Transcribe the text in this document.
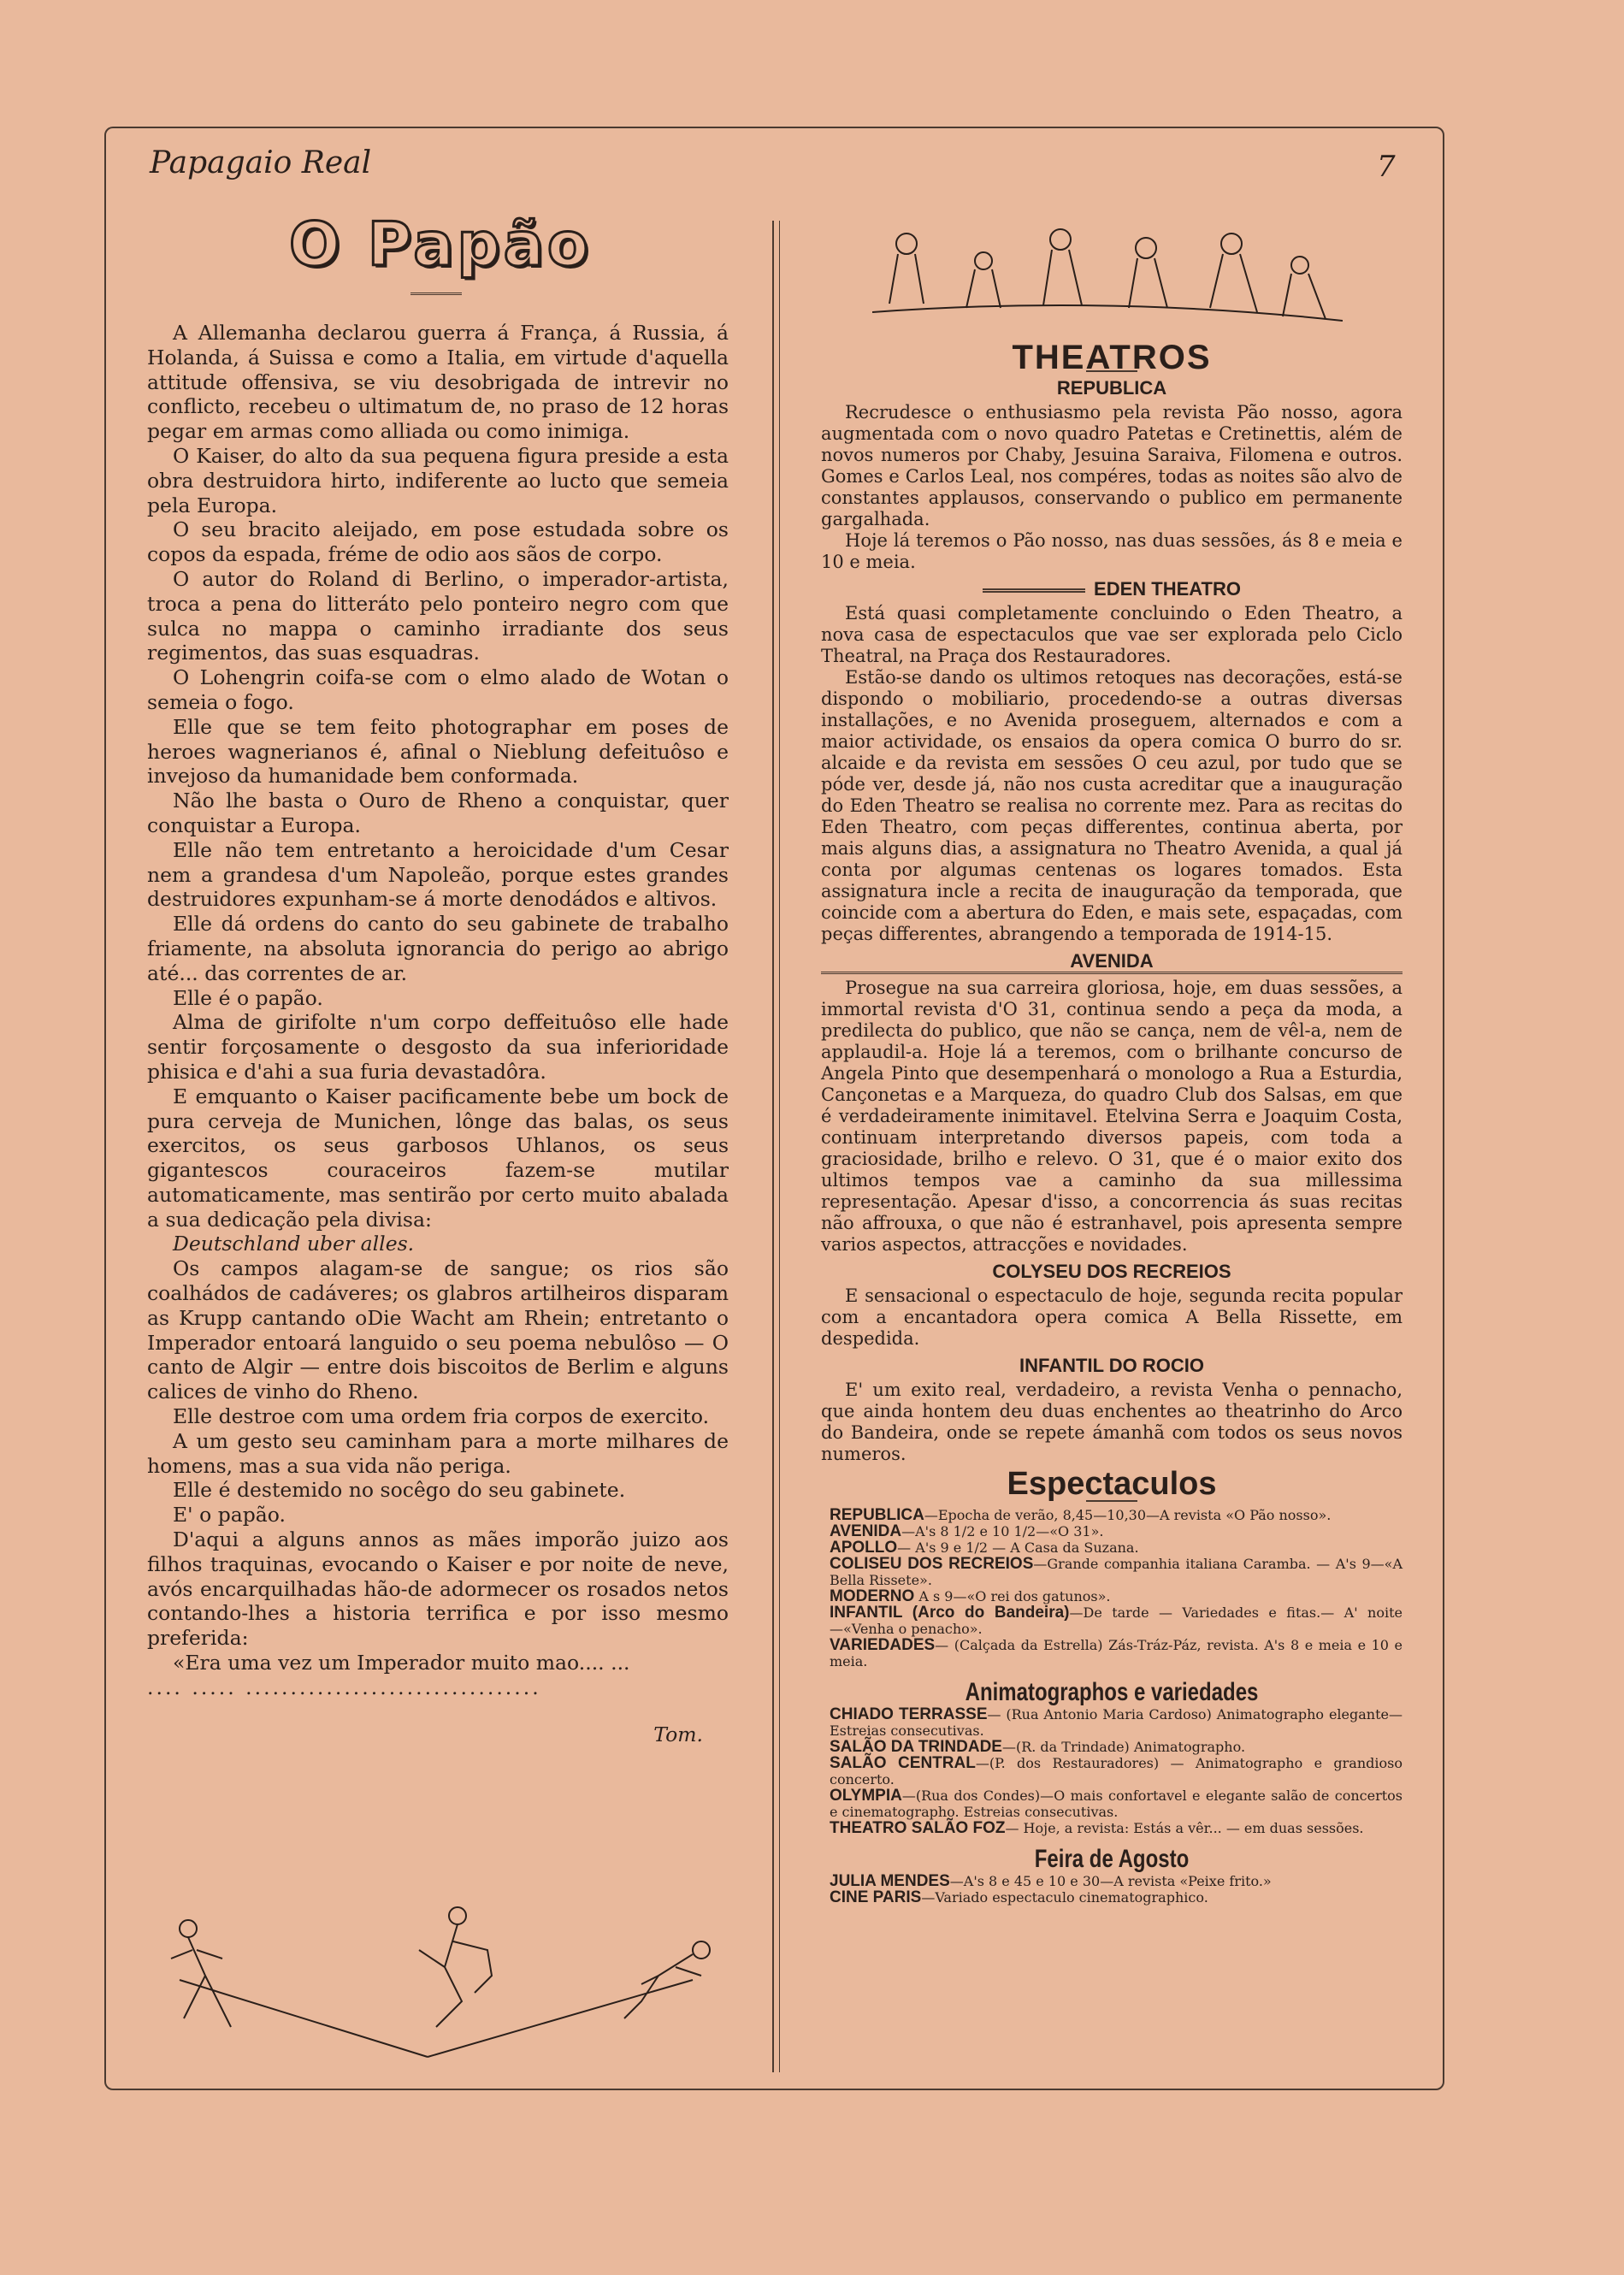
Papagaio Real	7
O Papão

A Allemanha declarou guerra á França, á Russia, á Holanda, á Suissa e como a Italia, em virtude d'aquella attitude offensiva, se viu desobrigada de intrevir no conflicto, recebeu o ultimatum de, no praso de 12 horas pegar em armas como alliada ou como inimiga.

O Kaiser, do alto da sua pequena figura preside a esta obra destruidora hirto, indiferente ao lucto que semeia pela Europa.

O seu bracito aleijado, em pose estudada sobre os copos da espada, fréme de odio aos sãos de corpo.

O autor do Roland di Berlino, o imperador-artista, troca a pena do litteráto pelo ponteiro negro com que sulca no mappa o caminho irradiante dos seus regimentos, das suas esquadras.

O Lohengrin coifa-se com o elmo alado de Wotan o semeia o fogo.

Elle que se tem feito photographar em poses de heroes wagnerianos é, afinal o Nieblung defeituôso e invejoso da humanidade bem conformada.

Não lhe basta o Ouro de Rheno a conquistar, quer conquistar a Europa.

Elle não tem entretanto a heroicidade d'um Cesar nem a grandesa d'um Napoleão, porque estes grandes destruidores expunham-se á morte denodádos e altivos.

Elle dá ordens do canto do seu gabinete de trabalho friamente, na absoluta ignorancia do perigo ao abrigo até... das correntes de ar.

Elle é o papão.

Alma de girifolte n'um corpo deffeituôso elle hade sentir forçosamente o desgosto da sua inferioridade phisica e d'ahi a sua furia devastadôra.

E emquanto o Kaiser pacificamente bebe um bock de pura cerveja de Munichen, lônge das balas, os seus exercitos, os seus garbosos Uhlanos, os seus gigantescos couraceiros fazem-se mutilar automaticamente, mas sentirão por certo muito abalada a sua dedicação pela divisa:

Deutschland uber alles.

Os campos alagam-se de sangue; os rios são coalhádos de cadáveres; os glabros artilheiros disparam as Krupp cantando oDie Wacht am Rhein; entretanto o Imperador entoará languido o seu poema nebulôso — O canto de Algir — entre dois biscoitos de Berlim e alguns calices de vinho do Rheno.

Elle destroe com uma ordem fria corpos de exercito.

A um gesto seu caminham para a morte milhares de homens, mas a sua vida não periga.

Elle é destemido no socêgo do seu gabinete.

E' o papão.

D'aqui a alguns annos as mães imporão juizo aos filhos traquinas, evocando o Kaiser e por noite de neve, avós encarquilhadas hão-de adormecer os rosados netos contando-lhes a historia terrifica e por isso mesmo preferida:

«Era uma vez um Imperador muito mao.... ...

.... ..... .................................

Tom.

THEATROS
REPUBLICA

Recrudesce o enthusiasmo pela revista Pão nosso, agora augmentada com o novo quadro Patetas e Cretinettis, além de novos numeros por Chaby, Jesuina Saraiva, Filomena e outros. Gomes e Carlos Leal, nos compéres, todas as noites são alvo de constantes applausos, conservando o publico em permanente gargalhada.

Hoje lá teremos o Pão nosso, nas duas sessões, ás 8 e meia e 10 e meia.

EDEN THEATRO

Está quasi completamente concluindo o Eden Theatro, a nova casa de espectaculos que vae ser explorada pelo Ciclo Theatral, na Praça dos Restauradores.

Estão-se dando os ultimos retoques nas decorações, está-se dispondo o mobiliario, procedendo-se a outras diversas installações, e no Avenida proseguem, alternados e com a maior actividade, os ensaios da opera comica O burro do sr. alcaide e da revista em sessões O ceu azul, por tudo que se póde ver, desde já, não nos custa acreditar que a inauguração do Eden Theatro se realisa no corrente mez. Para as recitas do Eden Theatro, com peças differentes, continua aberta, por mais alguns dias, a assignatura no Theatro Avenida, a qual já conta por algumas centenas os logares tomados. Esta assignatura incle a recita de inauguração da temporada, que coincide com a abertura do Eden, e mais sete, espaçadas, com peças differentes, abrangendo a temporada de 1914-15.

AVENIDA

Prosegue na sua carreira gloriosa, hoje, em duas sessões, a immortal revista d'O 31, continua sendo a peça da moda, a predilecta do publico, que não se cança, nem de vêl-a, nem de applaudil-a. Hoje lá a teremos, com o brilhante concurso de Angela Pinto que desempenhará o monologo a Rua a Esturdia, Cançonetas e a Marqueza, do quadro Club dos Salsas, em que é verdadeiramente inimitavel. Etelvina Serra e Joaquim Costa, continuam interpretando diversos papeis, com toda a graciosidade, brilho e relevo. O 31, que é o maior exito dos ultimos tempos vae a caminho da sua millessima representação. Apesar d'isso, a concorrencia ás suas recitas não affrouxa, o que não é estranhavel, pois apresenta sempre varios aspectos, attracções e novidades.

COLYSEU DOS RECREIOS

E sensacional o espectaculo de hoje, segunda recita popular com a encantadora opera comica A Bella Rissette, em despedida.

INFANTIL DO ROCIO

E' um exito real, verdadeiro, a revista Venha o pennacho, que ainda hontem deu duas enchentes ao theatrinho do Arco do Bandeira, onde se repete ámanhã com todos os seus novos numeros.

Espectaculos

REPUBLICA—Epocha de verão, 8,45—10,30—A revista «O Pão nosso».

AVENIDA—A's 8 1/2 e 10 1/2—«O 31».

APOLLO— A's 9 e 1/2 — A Casa da Suzana.

COLISEU DOS RECREIOS—Grande companhia italiana Caramba. — A's 9—«A Bella Rissete».

MODERNO A s 9—«O rei dos gatunos».

INFANTIL (Arco do Bandeira)—De tarde — Variedades e fitas.— A' noite—«Venha o penacho».

VARIEDADES— (Calçada da Estrella) Zás-Tráz-Páz, revista. A's 8 e meia e 10 e meia.

Animatographos e variedades

CHIADO TERRASSE— (Rua Antonio Maria Cardoso) Animatographo elegante—Estreias consecutivas.

SALÃO DA TRINDADE—(R. da Trindade) Animatographo.

SALÃO CENTRAL—(P. dos Restauradores) — Animatographo e grandioso concerto.

OLYMPIA—(Rua dos Condes)—O mais confortavel e elegante salão de concertos e cinematographo. Estreias consecutivas.

THEATRO SALÃO FOZ— Hoje, a revista: Estás a vêr... — em duas sessões.

Feira de Agosto

JULIA MENDES—A's 8 e 45 e 10 e 30—A revista «Peixe frito.»

CINE PARIS—Variado espectaculo cinematographico.
